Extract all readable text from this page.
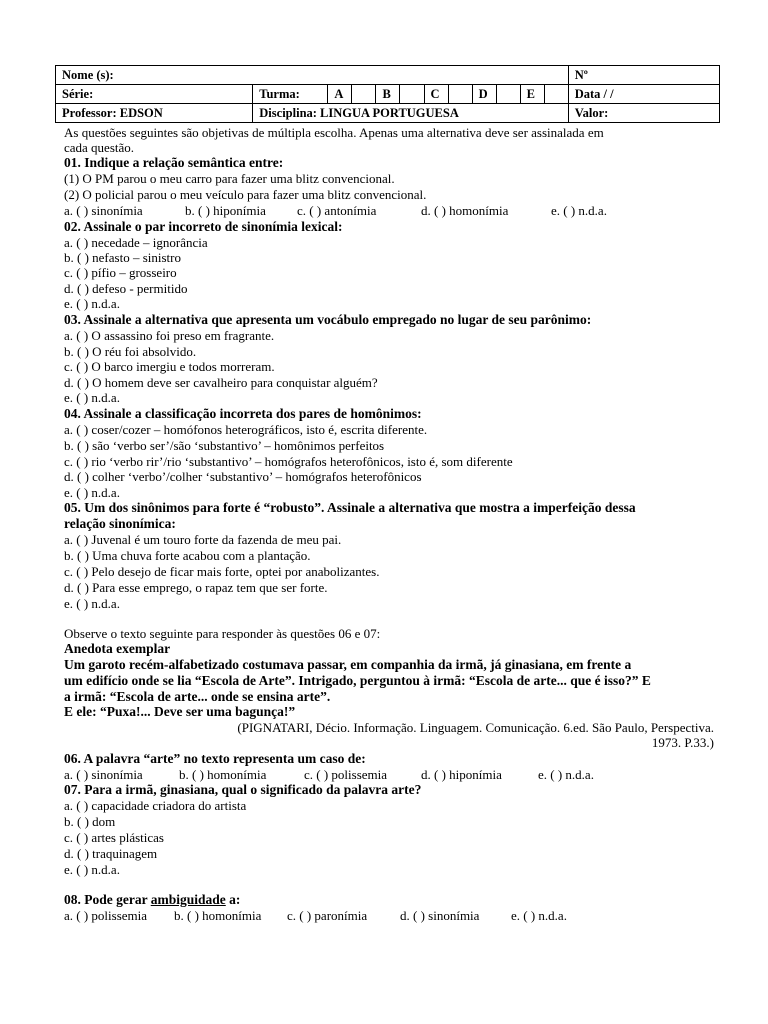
Nome (s):												Nº
Série:	Turma:	A		B		C		D		E		Data / /
Professor: EDSON	Disciplina: LINGUA PORTUGUESA											Valor:
As questões seguintes são objetivas de múltipla escolha. Apenas uma alternativa deve ser assinalada em
cada questão.
01. Indique a relação semântica entre:
(1) O PM parou o meu carro para fazer uma blitz convencional.
(2) O policial parou o meu veículo para fazer uma blitz convencional.
a. ( ) sinonímia	b. ( ) hiponímia c. ( ) antonímia	d. ( ) homonímia	e. ( ) n.d.a.
02. Assinale o par incorreto de sinonímia lexical:
a. ( ) necedade – ignorância
b. ( ) nefasto – sinistro
c. ( ) pífio – grosseiro
d. ( ) defeso - permitido
e. ( ) n.d.a.
03. Assinale a alternativa que apresenta um vocábulo empregado no lugar de seu parônimo:
a. ( ) O assassino foi preso em fragrante.
b. ( ) O réu foi absolvido.
c. ( ) O barco imergiu e todos morreram.
d. ( ) O homem deve ser cavalheiro para conquistar alguém?
e. ( ) n.d.a.
04. Assinale a classificação incorreta dos pares de homônimos:
a. ( ) coser/cozer – homófonos heterográficos, isto é, escrita diferente.
b. ( ) são ‘verbo ser’/são ‘substantivo’ – homônimos perfeitos
c. ( ) rio ‘verbo rir’/rio ‘substantivo’ – homógrafos heterofônicos, isto é, som diferente
d. ( ) colher ‘verbo’/colher ‘substantivo’ – homógrafos heterofônicos
e. ( ) n.d.a.
05. Um dos sinônimos para forte é “robusto”. Assinale a alternativa que mostra a imperfeição dessa
relação sinonímica:
a. ( ) Juvenal é um touro forte da fazenda de meu pai.
b. ( ) Uma chuva forte acabou com a plantação.
c. ( ) Pelo desejo de ficar mais forte, optei por anabolizantes.
d. ( ) Para esse emprego, o rapaz tem que ser forte.
e. ( ) n.d.a.
Observe o texto seguinte para responder às questões 06 e 07:
Anedota exemplar
Um garoto recém-alfabetizado costumava passar, em companhia da irmã, já ginasiana, em frente a
um edifício onde se lia “Escola de Arte”. Intrigado, perguntou à irmã: “Escola de arte... que é isso?” E
a irmã: “Escola de arte... onde se ensina arte”.
E ele: “Puxa!... Deve ser uma bagunça!”
(PIGNATARI, Décio. Informação. Linguagem. Comunicação. 6.ed. São Paulo, Perspectiva.
1973. P.33.)
06. A palavra “arte” no texto representa um caso de:
a. ( ) sinonímia	b. ( ) homonímia	c. ( ) polissemia	d. ( ) hiponímia	e. ( ) n.d.a.
07. Para a irmã, ginasiana, qual o significado da palavra arte?
a. ( ) capacidade criadora do artista
b. ( ) dom
c. ( ) artes plásticas
d. ( ) traquinagem
e. ( ) n.d.a.
08. Pode gerar ambiguidade a:
a. ( ) polissemia b. ( ) homonímia c. ( ) paronímia	d. ( ) sinonímia e. ( ) n.d.a.
